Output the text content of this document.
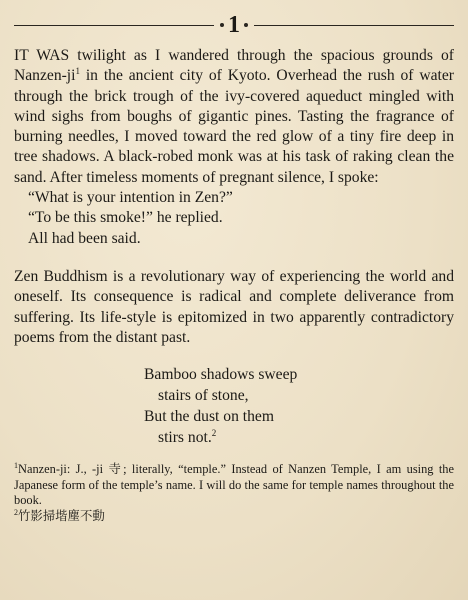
1

IT WAS twilight as I wandered through the spacious grounds of Nanzen-$ji^1$ in the ancient city of Kyoto. Overhead the rush of water through the brick trough of the ivy-covered aqueduct mingled with wind sighs from boughs of gigantic pines. Tasting the fragrance of burning needles, I moved toward the red glow of a tiny fire deep in tree shadows. A black-robed monk was at his task of raking clean the sand. After timeless moments of pregnant silence, I spoke:

“What is your intention in Zen?”

“To be this smoke!” he replied.

All had been said.

Zen Buddhism is a revolutionary way of experiencing the world and oneself. Its consequence is radical and complete deliverance from suffering. Its life-style is epitomized in two apparently contradictory poems from the distant past.

Bamboo shadows sweep
stairs of stone,
But the dust on them
stirs not.$^2$

$^1$Nanzen-ji: J., -ji 寺; literally, “temple.” Instead of Nanzen Temple, I am using the Japanese form of the temple’s name. I will do the same for temple names throughout the book.

$^2$竹影掃堦塵不動
